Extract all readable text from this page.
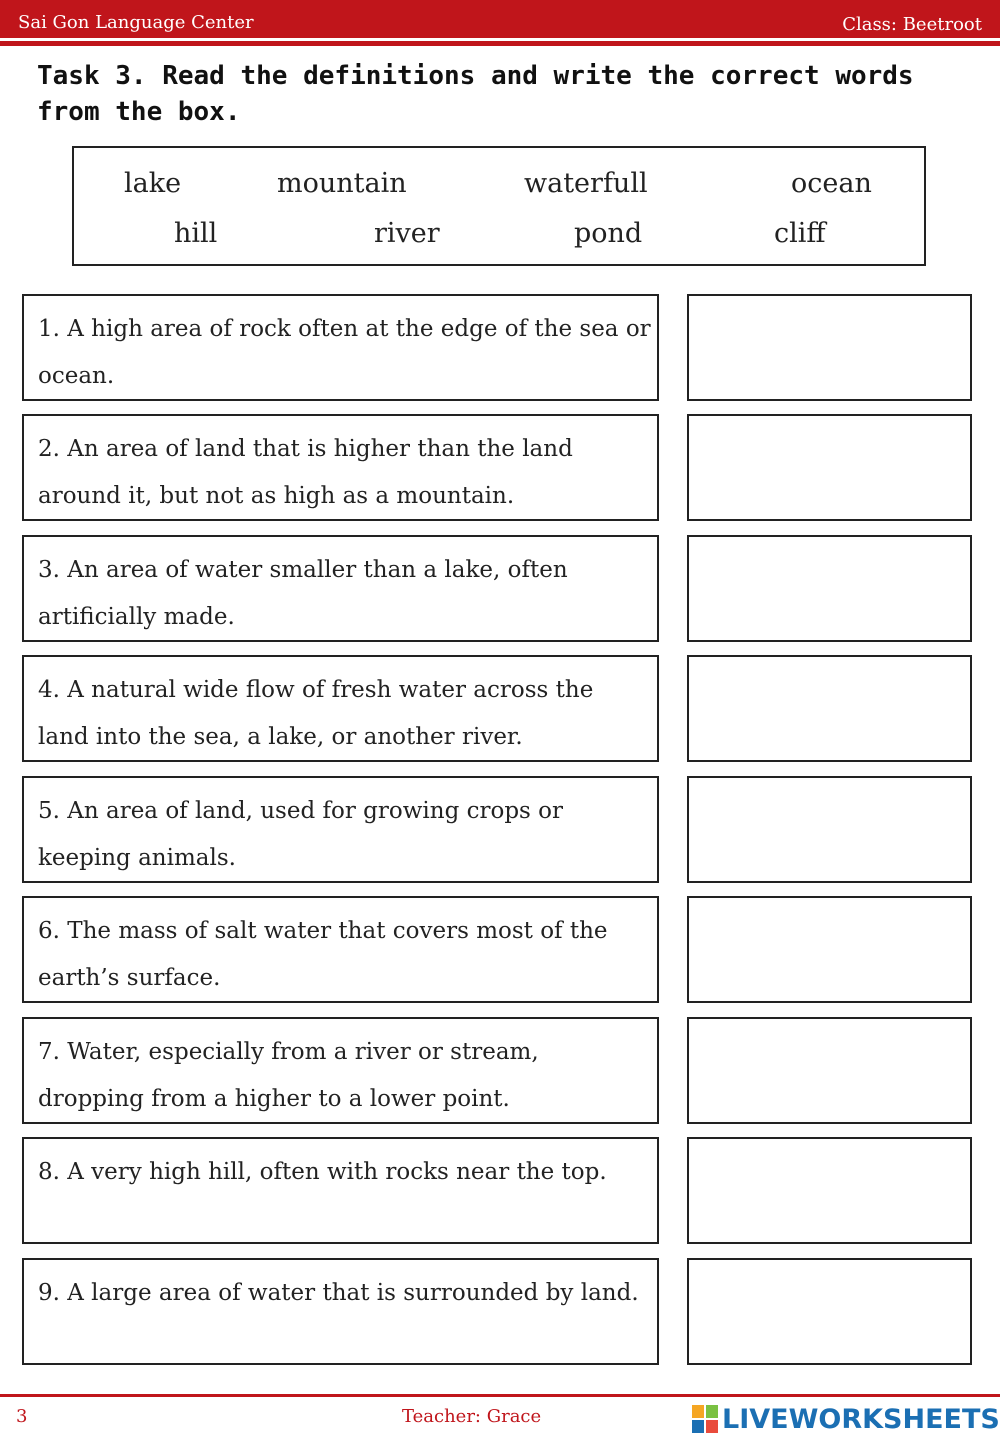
Sai Gon Language Center	Class: Beetroot
Task 3. Read the definitions and write the correct words from the box.
lake	mountain	waterfull	ocean
hill	river	pond	cliff
1. A high area of rock often at the edge of the sea or ocean.
2. An area of land that is higher than the land around it, but not as high as a mountain.
3. An area of water smaller than a lake, often artificially made.
4. A natural wide flow of fresh water across the land into the sea, a lake, or another river.
5. An area of land, used for growing crops or keeping animals.
6. The mass of salt water that covers most of the earth’s surface.
7. Water, especially from a river or stream, dropping from a higher to a lower point.
8. A very high hill, often with rocks near the top.
9. A large area of water that is surrounded by land.
3	Teacher: Grace	LIVEWORKSHEETS
